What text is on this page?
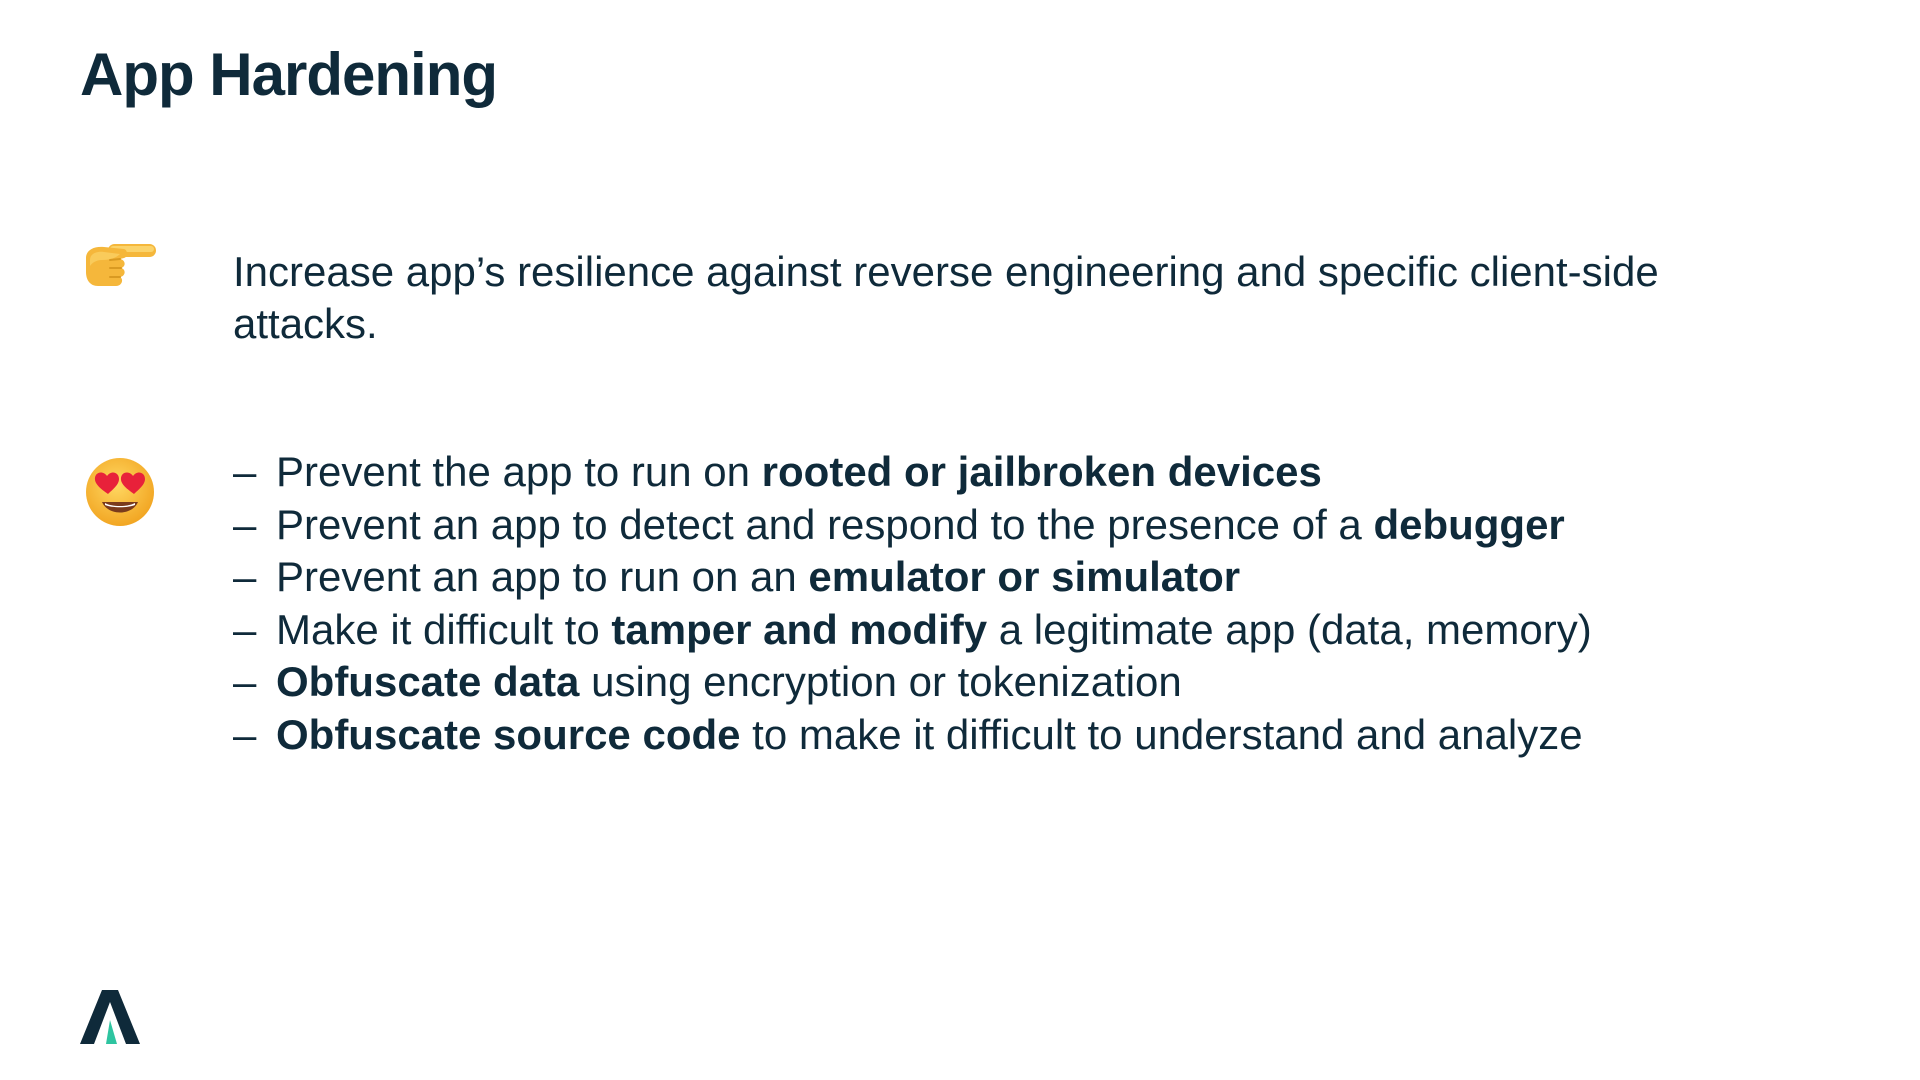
App Hardening

Increase app’s resilience against reverse engineering and specific client-side attacks.

– Prevent the app to run on rooted or jailbroken devices
– Prevent an app to detect and respond to the presence of a debugger
– Prevent an app to run on an emulator or simulator
– Make it difficult to tamper and modify a legitimate app (data, memory)
– Obfuscate data using encryption or tokenization
– Obfuscate source code to make it difficult to understand and analyze
